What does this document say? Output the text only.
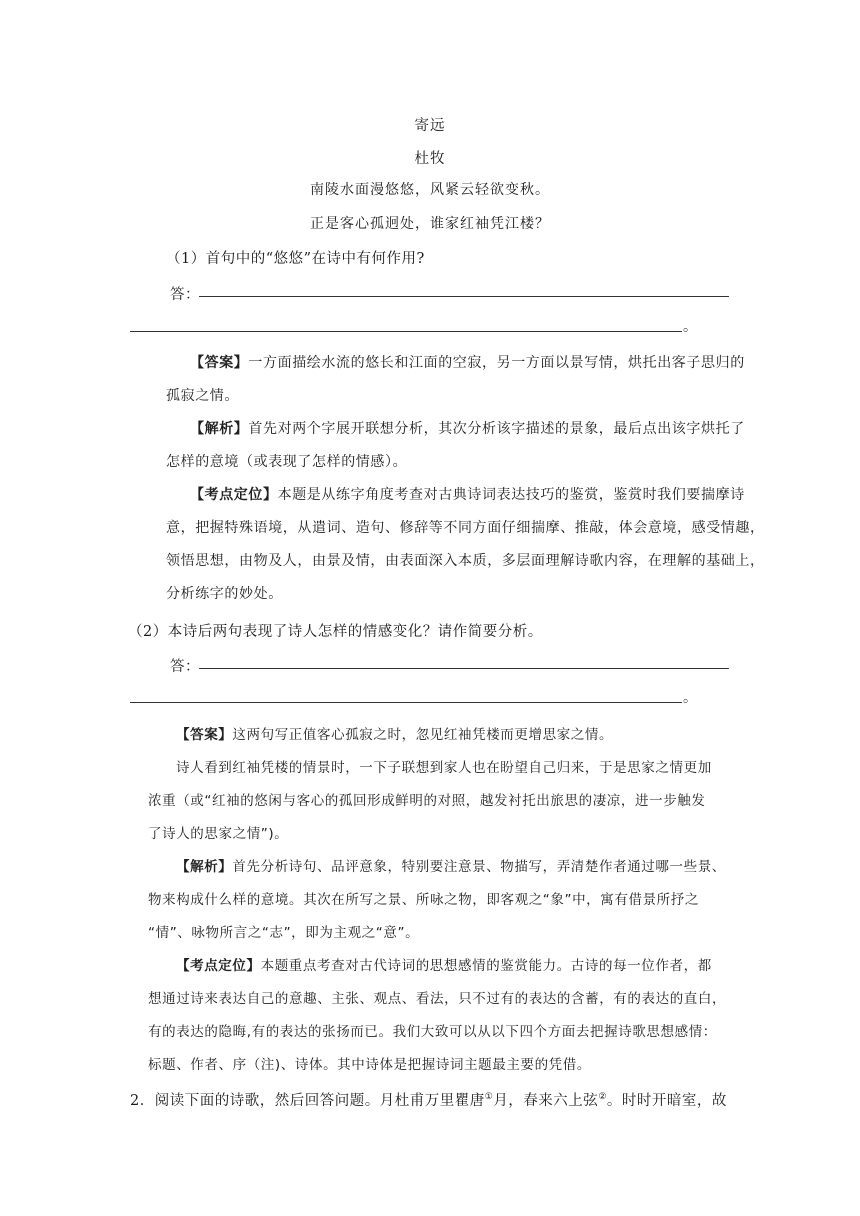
寄远
杜牧
南陵水面漫悠悠，风紧云轻欲变秋。
正是客心孤迥处，谁家红袖凭江楼？
（1）首句中的“悠悠”在诗中有何作用?
答：
。
【答案】一方面描绘水流的悠长和江面的空寂，另一方面以景写情，烘托出客子思归的
孤寂之情。
【解析】首先对两个字展开联想分析，其次分析该字描述的景象，最后点出该字烘托了
怎样的意境（或表现了怎样的情感）。
【考点定位】本题是从练字角度考查对古典诗词表达技巧的鉴赏，鉴赏时我们要揣摩诗
意，把握特殊语境，从遣词、造句、修辞等不同方面仔细揣摩、推敲，体会意境，感受情趣，
领悟思想，由物及人，由景及情，由表面深入本质，多层面理解诗歌内容，在理解的基础上，
分析练字的妙处。
（2）本诗后两句表现了诗人怎样的情感变化？请作简要分析。
答：
。
【答案】这两句写正值客心孤寂之时，忽见红袖凭楼而更增思家之情。
诗人看到红袖凭楼的情景时，一下子联想到家人也在盼望自己归来，于是思家之情更加
浓重（或“红袖的悠闲与客心的孤回形成鲜明的对照，越发衬托出旅思的凄凉，进一步触发
了诗人的思家之情”)。
【解析】首先分析诗句、品评意象，特别要注意景、物描写，弄清楚作者通过哪一些景、
物来构成什么样的意境。其次在所写之景、所咏之物，即客观之“象”中，寓有借景所抒之
“情”、咏物所言之“志”，即为主观之“意”。
【考点定位】本题重点考查对古代诗词的思想感情的鉴赏能力。古诗的每一位作者，都
想通过诗来表达自己的意趣、主张、观点、看法，只不过有的表达的含蓄，有的表达的直白，
有的表达的隐晦,有的表达的张扬而已。我们大致可以从以下四个方面去把握诗歌思想感情：
标题、作者、序（注)、诗体。其中诗体是把握诗词主题最主要的凭借。
2．阅读下面的诗歌，然后回答问题。月杜甫万里瞿唐①月，春来六上弦②。时时开暗室，故
